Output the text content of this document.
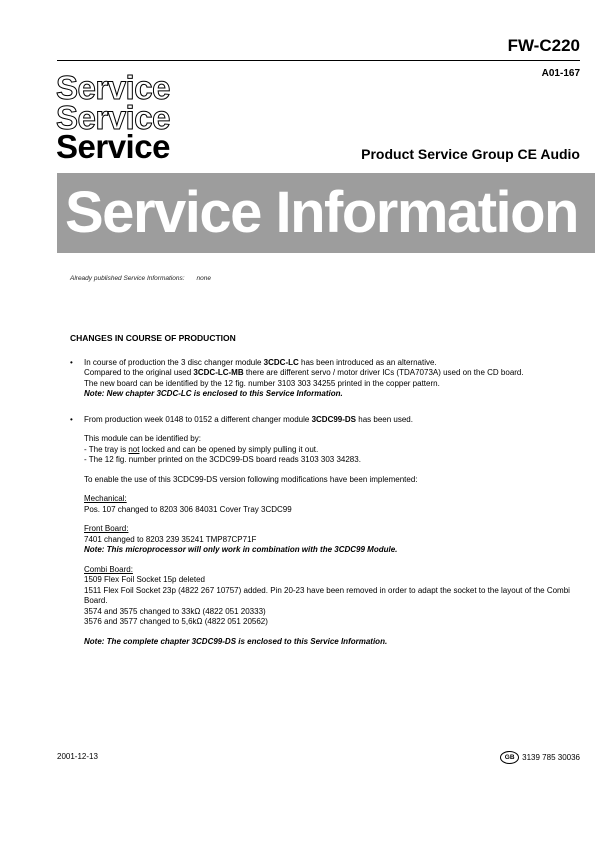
FW-C220
A01-167
Service
Service
Service	Product Service Group CE Audio
Service Information
Already published Service Informations: none
CHANGES IN COURSE OF PRODUCTION
• In course of production the 3 disc changer module 3CDC-LC has been introduced as an alternative.

Compared to the original used 3CDC-LC-MB there are different servo / motor driver ICs (TDA7073A) used on the CD board.

The new board can be identified by the 12 fig. number 3103 303 34255 printed in the copper pattern.

Note: New chapter 3CDC-LC is enclosed to this Service Information.

• From production week 0148 to 0152 a different changer module 3CDC99-DS has been used.

This module can be identified by:

- The tray is not locked and can be opened by simply pulling it out.

- The 12 fig. number printed on the 3CDC99-DS board reads 3103 303 34283.

To enable the use of this 3CDC99-DS version following modifications have been implemented:

Mechanical:

Pos. 107 changed to 8203 306 84031 Cover Tray 3CDC99

Front Board:

7401 changed to 8203 239 35241 TMP87CP71F

Note: This microprocessor will only work in combination with the 3CDC99 Module.

Combi Board:

1509 Flex Foil Socket 15p deleted

1511 Flex Foil Socket 23p (4822 267 10757) added. Pin 20-23 have been removed in order to adapt the socket to the layout of the Combi Board.

3574 and 3575 changed to 33kΩ (4822 051 20333)

3576 and 3577 changed to 5,6kΩ (4822 051 20562)

Note: The complete chapter 3CDC99-DS is enclosed to this Service Information.

2001-12-13	GB 3139 785 30036
